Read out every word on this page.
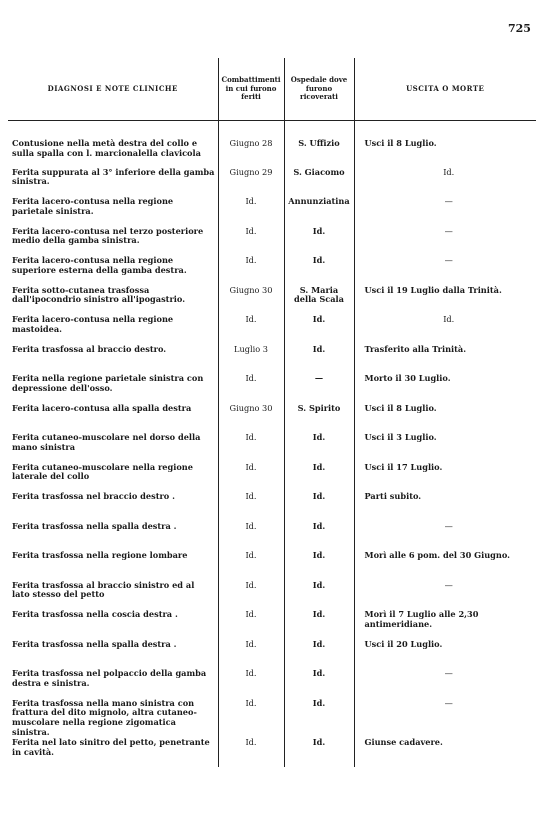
725
DIAGNOSI E NOTE CLINICHE	Combattimenti in cui furono feriti	Ospedale dove furono ricoverati	USCITA O MORTE
Contusione nella metà destra del collo e sulla spalla con l. marcionalella clavicola	Giugno 28	S. Uffizio	Usci il 8 Luglio.
Ferita suppurata al 3° inferiore della gamba sinistra.	Giugno 29	S. Giacomo	Id.
Ferita lacero-contusa nella regione parietale sinistra.	Id.	Annunziatina	—
Ferita lacero-contusa nel terzo posteriore medio della gamba sinistra.	Id.	Id.	—
Ferita lacero-contusa nella regione superiore esterna della gamba destra.	Id.	Id.	—
Ferita sotto-cutanea trasfossa dall'ipocondrio sinistro all'ipogastrio.	Giugno 30	S. Maria della Scala	Usci il 19 Luglio dalla Trinità.
Ferita lacero-contusa nella regione mastoidea.	Id.	Id.	Id.
Ferita trasfossa al braccio destro.	Luglio 3	Id.	Trasferito alla Trinità.
Ferita nella regione parietale sinistra con depressione dell'osso.	Id.	—	Morto il 30 Luglio.
Ferita lacero-contusa alla spalla destra	Giugno 30	S. Spirito	Usci il 8 Luglio.
Ferita cutaneo-muscolare nel dorso della mano sinistra	Id.	Id.	Usci il 3 Luglio.
Ferita cutaneo-muscolare nella regione laterale del collo	Id.	Id.	Usci il 17 Luglio.
Ferita trasfossa nel braccio destro .	Id.	Id.	Parti subito.
Ferita trasfossa nella spalla destra .	Id.	Id.	—
Ferita trasfossa nella regione lombare	Id.	Id.	Morì alle 6 pom. del 30 Giugno.
Ferita trasfossa al braccio sinistro ed al lato stesso del petto	Id.	Id.	—
Ferita trasfossa nella coscia destra .	Id.	Id.	Morì il 7 Luglio alle 2,30 antimeridiane.
Ferita trasfossa nella spalla destra .	Id.	Id.	Usci il 20 Luglio.
Ferita trasfossa nel polpaccio della gamba destra e sinistra.	Id.	Id.	—
Ferita trasfossa nella mano sinistra con frattura del dito mignolo, altra cutaneo-muscolare nella regione zigomatica sinistra.	Id.	Id.	—
Ferita nel lato sinitro del petto, penetrante in cavità.	Id.	Id.	Giunse cadavere.
